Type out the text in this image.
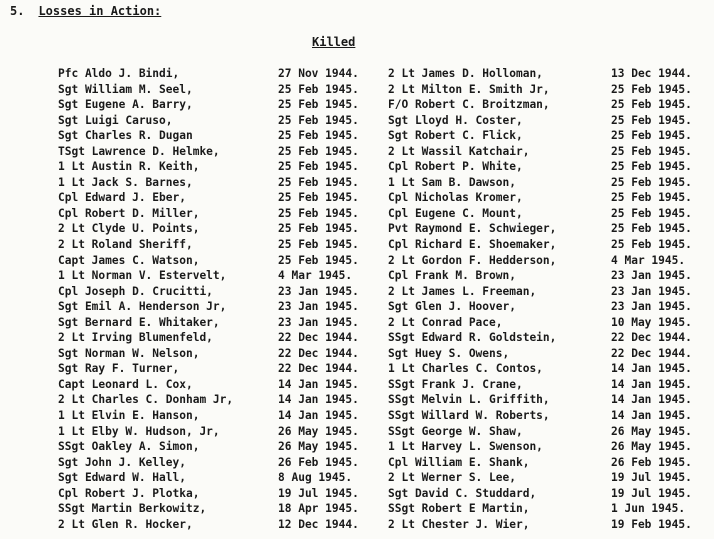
5. Losses in Action:
Killed
Pfc Aldo J. Bindi,	27 Nov 1944.	2 Lt James D. Holloman,	13 Dec 1944.
Sgt William M. Seel,	25 Feb 1945.	2 Lt Milton E. Smith Jr,	25 Feb 1945.
Sgt Eugene A. Barry,	25 Feb 1945.	F/O Robert C. Broitzman,	25 Feb 1945.
Sgt Luigi Caruso,	25 Feb 1945.	Sgt Lloyd H. Coster,	25 Feb 1945.
Sgt Charles R. Dugan	25 Feb 1945.	Sgt Robert C. Flick,	25 Feb 1945.
TSgt Lawrence D. Helmke,	25 Feb 1945.	2 Lt Wassil Katchair,	25 Feb 1945.
1 Lt Austin R. Keith,	25 Feb 1945.	Cpl Robert P. White,	25 Feb 1945.
1 Lt Jack S. Barnes,	25 Feb 1945.	1 Lt Sam B. Dawson,	25 Feb 1945.
Cpl Edward J. Eber,	25 Feb 1945.	Cpl Nicholas Kromer,	25 Feb 1945.
Cpl Robert D. Miller,	25 Feb 1945.	Cpl Eugene C. Mount,	25 Feb 1945.
2 Lt Clyde U. Points,	25 Feb 1945.	Pvt Raymond E. Schwieger,	25 Feb 1945.
2 Lt Roland Sheriff,	25 Feb 1945.	Cpl Richard E. Shoemaker,	25 Feb 1945.
Capt James C. Watson,	25 Feb 1945.	2 Lt Gordon F. Hedderson,	4 Mar 1945.
1 Lt Norman V. Estervelt,	4 Mar 1945.	Cpl Frank M. Brown,	23 Jan 1945.
Cpl Joseph D. Crucitti,	23 Jan 1945.	2 Lt James L. Freeman,	23 Jan 1945.
Sgt Emil A. Henderson Jr,	23 Jan 1945.	Sgt Glen J. Hoover,	23 Jan 1945.
Sgt Bernard E. Whitaker,	23 Jan 1945.	2 Lt Conrad Pace,	10 May 1945.
2 Lt Irving Blumenfeld,	22 Dec 1944.	SSgt Edward R. Goldstein,	22 Dec 1944.
Sgt Norman W. Nelson,	22 Dec 1944.	Sgt Huey S. Owens,	22 Dec 1944.
Sgt Ray F. Turner,	22 Dec 1944.	1 Lt Charles C. Contos,	14 Jan 1945.
Capt Leonard L. Cox,	14 Jan 1945.	SSgt Frank J. Crane,	14 Jan 1945.
2 Lt Charles C. Donham Jr,	14 Jan 1945.	SSgt Melvin L. Griffith,	14 Jan 1945.
1 Lt Elvin E. Hanson,	14 Jan 1945.	SSgt Willard W. Roberts,	14 Jan 1945.
1 Lt Elby W. Hudson, Jr,	26 May 1945.	SSgt George W. Shaw,	26 May 1945.
SSgt Oakley A. Simon,	26 May 1945.	1 Lt Harvey L. Swenson,	26 May 1945.
Sgt John J. Kelley,	26 Feb 1945.	Cpl William E. Shank,	26 Feb 1945.
Sgt Edward W. Hall,	8 Aug 1945.	2 Lt Werner S. Lee,	19 Jul 1945.
Cpl Robert J. Plotka,	19 Jul 1945.	Sgt David C. Studdard,	19 Jul 1945.
SSgt Martin Berkowitz,	18 Apr 1945.	SSgt Robert E Martin,	1 Jun 1945.
2 Lt Glen R. Hocker,	12 Dec 1944.	2 Lt Chester J. Wier,	19 Feb 1945.
